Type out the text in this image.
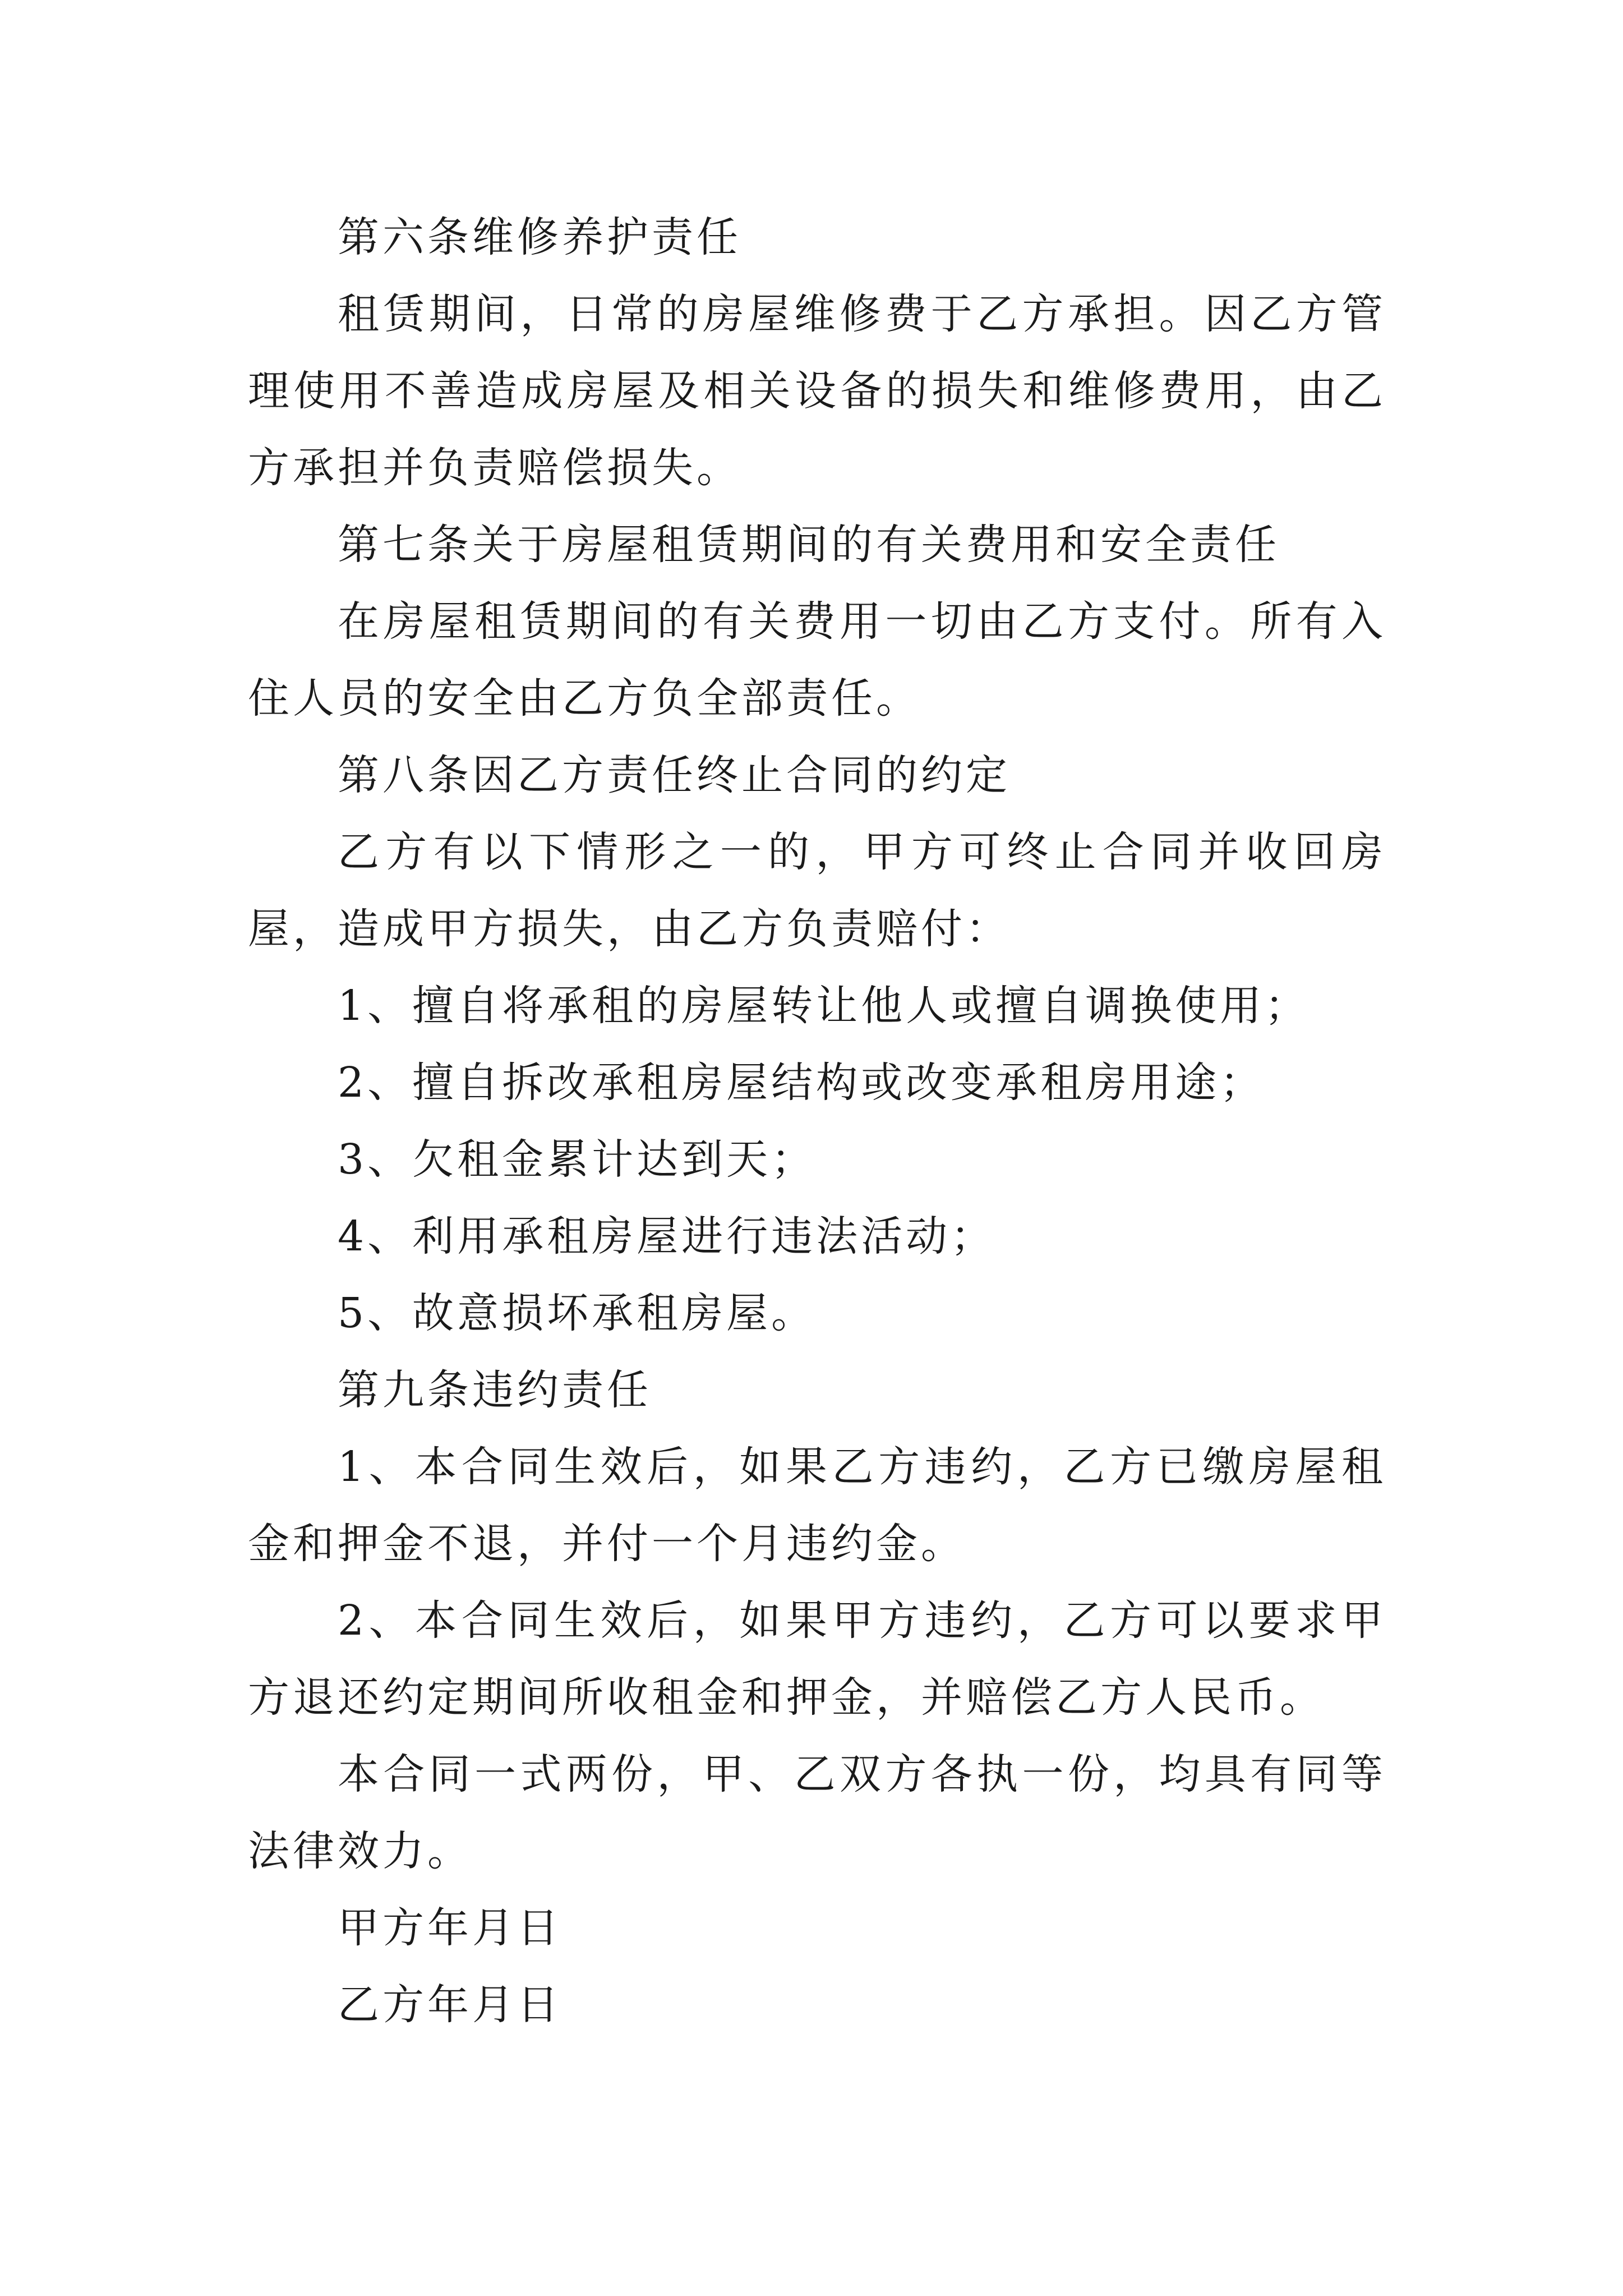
第六条维修养护责任

租赁期间，日常的房屋维修费于乙方承担。因乙方管理使用不善造成房屋及相关设备的损失和维修费用，由乙方承担并负责赔偿损失。

第七条关于房屋租赁期间的有关费用和安全责任

在房屋租赁期间的有关费用一切由乙方支付。所有入住人员的安全由乙方负全部责任。

第八条因乙方责任终止合同的约定

乙方有以下情形之一的，甲方可终止合同并收回房屋，造成甲方损失，由乙方负责赔付：

1、擅自将承租的房屋转让他人或擅自调换使用；

2、擅自拆改承租房屋结构或改变承租房用途；

3、欠租金累计达到天；

4、利用承租房屋进行违法活动；

5、故意损坏承租房屋。

第九条违约责任

1、本合同生效后，如果乙方违约，乙方已缴房屋租金和押金不退，并付一个月违约金。

2、本合同生效后，如果甲方违约，乙方可以要求甲方退还约定期间所收租金和押金，并赔偿乙方人民币。

本合同一式两份，甲、乙双方各执一份，均具有同等法律效力。

甲方年月日

乙方年月日
